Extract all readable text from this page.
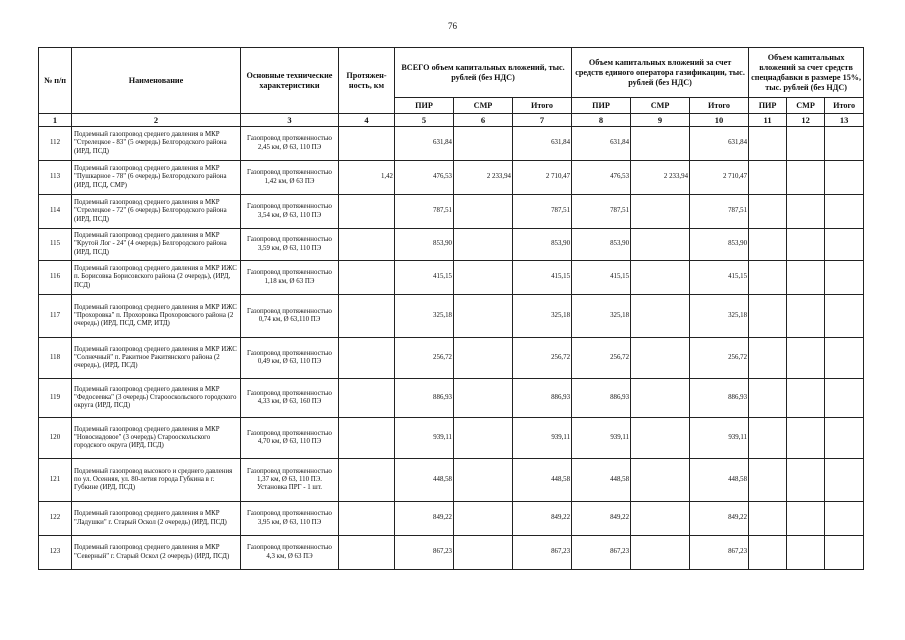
76
№ п/п	Наименование	Основные технические характеристики	Протяжен-ность, км	ВСЕГО объем капитальных вложений, тыс. рублей (без НДС)			Объем капитальных вложений за счет средств единого оператора газификации, тыс. рублей (без НДС)			Объем капитальных вложений за счет средств спецнадбавки в размере 15%, тыс. рублей (без НДС)		
				ПИР	СМР	Итого	ПИР	СМР	Итого	ПИР	СМР	Итого
1	2	3	4	5	6	7	8	9	10	11	12	13
112	Подземный газопровод среднего давления в МКР "Стрелецкое - 83" (5 очередь) Белгородского района (ИРД, ПСД)	Газопровод протяженностью 2,45 км, Ø 63, 110 ПЭ		631,84		631,84	631,84		631,84			
113	Подземный газопровод среднего давления в МКР "Пушкарное - 78" (6 очередь) Белгородского района (ИРД, ПСД, СМР)	Газопровод протяженностью 1,42 км, Ø 63 ПЭ	1,42	476,53	2 233,94	2 710,47	476,53	2 233,94	2 710,47			
114	Подземный газопровод среднего давления в МКР "Стрелецкое - 72" (6 очередь) Белгородского района (ИРД, ПСД)	Газопровод протяженностью 3,54 км, Ø 63, 110 ПЭ		787,51		787,51	787,51		787,51			
115	Подземный газопровод среднего давления в МКР "Крутой Лог - 24" (4 очередь) Белгородского района (ИРД, ПСД)	Газопровод протяженностью 3,59 км, Ø 63, 110 ПЭ		853,90		853,90	853,90		853,90			
116	Подземный газопровод среднего давления в МКР ИЖС п. Борисовка Борисовского района (2 очередь), (ИРД, ПСД)	Газопровод протяженностью 1,18 км, Ø 63 ПЭ		415,15		415,15	415,15		415,15			
117	Подземный газопровод среднего давления в МКР ИЖС "Прохоровка" п. Прохоровка Прохоровского района (2 очередь) (ИРД, ПСД, СМР, ИТД)	Газопровод протяженностью 0,74 км, Ø 63,110 ПЭ		325,18		325,18	325,18		325,18			
118	Подземный газопровод среднего давления в МКР ИЖС "Солнечный" п. Ракитное Ракитянского района (2 очередь), (ИРД, ПСД)	Газопровод протяженностью 0,49 км, Ø 63, 110 ПЭ		256,72		256,72	256,72		256,72			
119	Подземный газопровод среднего давления в МКР "Федосеевка" (3 очередь) Старооскольского городского округа (ИРД, ПСД)	Газопровод протяженностью 4,33 км, Ø 63, 160 ПЭ		886,93		886,93	886,93		886,93			
120	Подземный газопровод среднего давления в МКР "Новосиадовое" (3 очередь) Старооскольского городского округа (ИРД, ПСД)	Газопровод протяженностью 4,70 км, Ø 63, 110 ПЭ		939,11		939,11	939,11		939,11			
121	Подземный газопровод высокого и среднего давления по ул. Осенняя, ул. 80-летия города Губкина в г. Губкине (ИРД, ПСД)	Газопровод протяженностью 1,37 км, Ø 63, 110 ПЭ. Установка ПРГ - 1 шт.		448,58		448,58	448,58		448,58			
122	Подземный газопровод среднего давления в МКР "Ладушки" г. Старый Оскол (2 очередь) (ИРД, ПСД)	Газопровод протяженностью 3,95 км, Ø 63, 110 ПЭ		849,22		849,22	849,22		849,22			
123	Подземный газопровод среднего давления в МКР "Северный" г. Старый Оскол (2 очередь) (ИРД, ПСД)	Газопровод протяженностью 4,3 км, Ø 63 ПЭ		867,23		867,23	867,23		867,23			
